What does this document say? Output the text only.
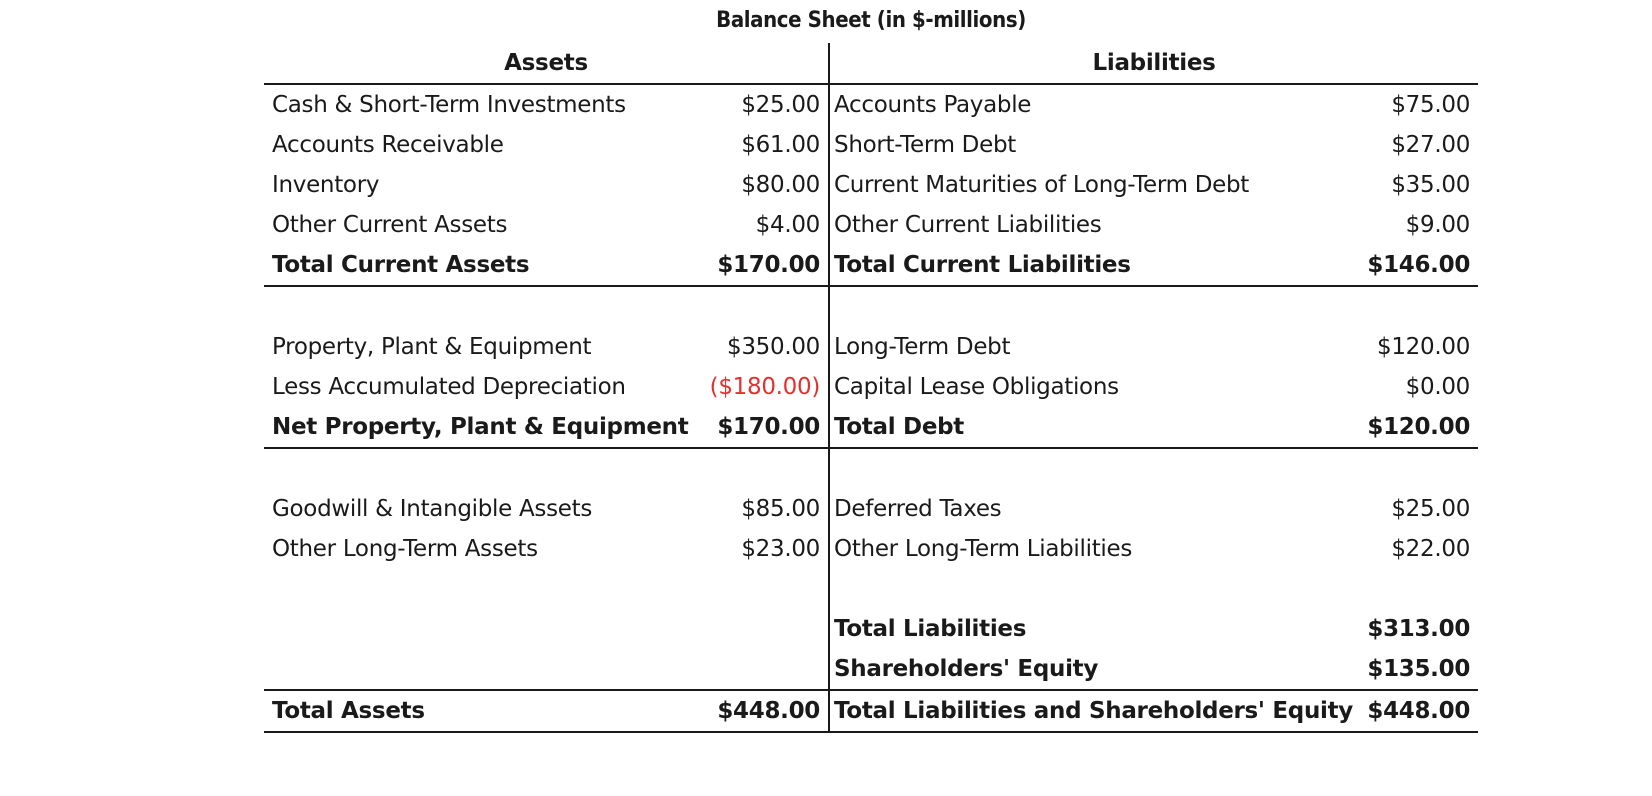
Balance Sheet (in $-millions)
Assets		Liabilities	
Cash & Short-Term Investments	$25.00	Accounts Payable	$75.00
Accounts Receivable	$61.00	Short-Term Debt	$27.00
Inventory	$80.00	Current Maturities of Long-Term Debt	$35.00
Other Current Assets	$4.00	Other Current Liabilities	$9.00
Total Current Assets	$170.00	Total Current Liabilities	$146.00

Property, Plant & Equipment	$350.00	Long-Term Debt	$120.00
Less Accumulated Depreciation	($180.00)	Capital Lease Obligations	$0.00
Net Property, Plant & Equipment	$170.00	Total Debt	$120.00

Goodwill & Intangible Assets	$85.00	Deferred Taxes	$25.00
Other Long-Term Assets	$23.00	Other Long-Term Liabilities	$22.00

		Total Liabilities	$313.00
		Shareholders' Equity	$135.00
Total Assets	$448.00	Total Liabilities and Shareholders' Equity	$448.00
